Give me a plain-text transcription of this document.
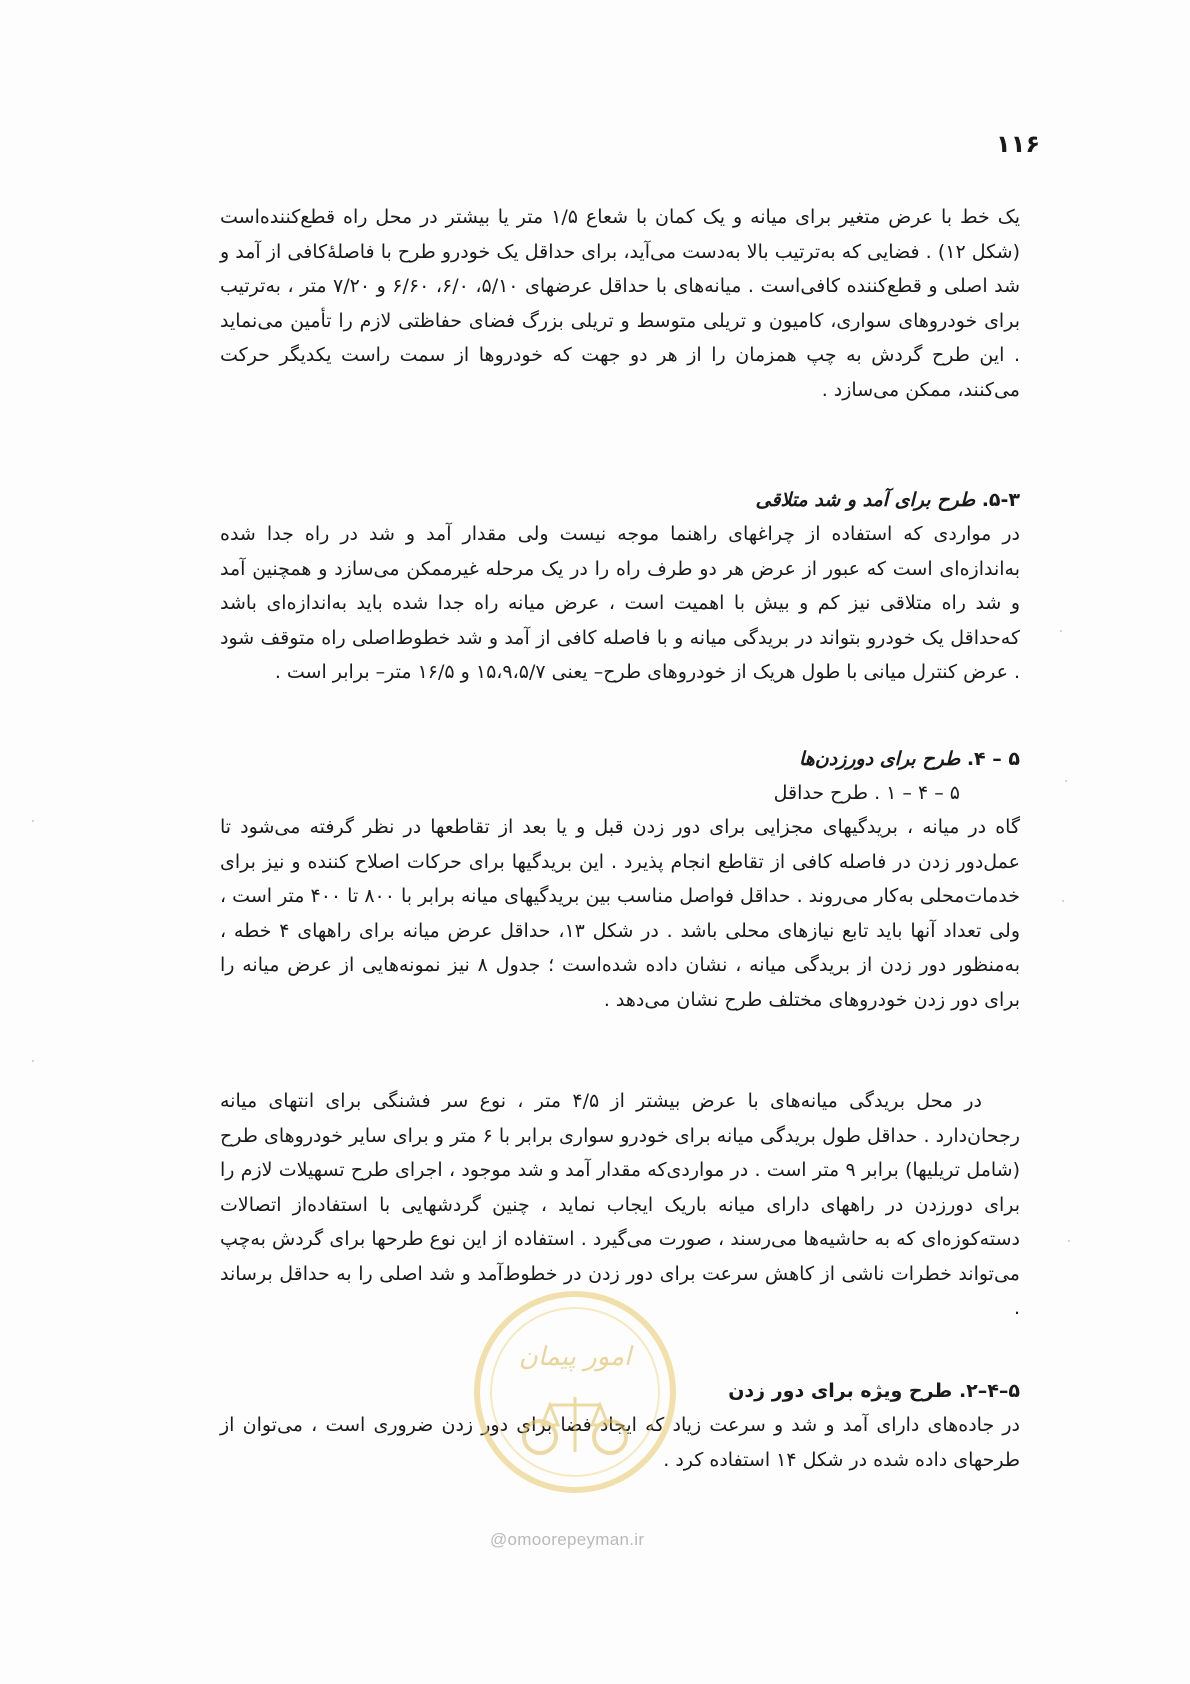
۱۱۶

یک خط با عرض متغیر برای میانه و یک کمان با شعاع ۱/۵ متر یا بیشتر در محل راه قطع‌کننده‌است (شکل ۱۲) . فضایی که به‌ترتیب بالا به‌دست می‌آید، برای حداقل یک خودرو طرح با فاصله‌ٔکافی از آمد و شد اصلی و قطع‌کننده کافی‌است . میانه‌های با حداقل عرضهای ۵/۱۰، ۶/۰، ۶/۶۰ و ۷/۲۰ متر ، به‌ترتیب برای خودروهای سواری، کامیون و تریلی متوسط و تریلی بزرگ فضای حفاظتی لازم را تأمین می‌نماید . این طرح گردش به چپ همزمان را از هر دو جهت که خودروها از سمت راست یکدیگر حرکت می‌کنند، ممکن می‌سازد .

۵-۳. طرح برای آمد و شد متلاقی

در مواردی که استفاده از چراغهای راهنما موجه نیست ولی مقدار آمد و شد در راه جدا شده به‌اندازه‌ای است که عبور از عرض هر دو طرف راه را در یک مرحله غیرممکن می‌سازد و همچنین آمد و شد راه متلاقی نیز کم و بیش با اهمیت است ، عرض میانه راه جدا شده باید به‌اندازه‌ای باشد که‌حداقل یک خودرو بتواند در بریدگی میانه و با فاصله کافی از آمد و شد خطوط‌اصلی راه متوقف شود . عرض کنترل میانی با طول هریک از خودروهای طرح– یعنی ۱۵،۹،۵/۷ و ۱۶/۵ متر– برابر است .

۵ – ۴. طرح برای دورزدن‌ها

۵ – ۴ – ۱ . طرح حداقل

گاه در میانه ، بریدگیهای مجزایی برای دور زدن قبل و یا بعد از تقاطعها در نظر گرفته می‌شود تا عمل‌دور زدن در فاصله کافی از تقاطع انجام پذیرد . این بریدگیها برای حرکات اصلاح کننده و نیز برای خدمات‌محلی به‌کار می‌روند . حداقل فواصل مناسب بین بریدگیهای میانه برابر با ۸۰۰ تا ۴۰۰ متر است ، ولی تعداد آنها باید تابع نیازهای محلی باشد . در شکل ۱۳، حداقل عرض میانه برای راههای ۴ خطه ، به‌منظور دور زدن از بریدگی میانه ، نشان داده شده‌است ؛ جدول ۸ نیز نمونه‌هایی از عرض میانه را برای دور زدن خودروهای مختلف طرح نشان می‌دهد .

در محل بریدگی میانه‌های با عرض بیشتر از ۴/۵ متر ، نوع سر فشنگی برای انتهای میانه رجحان‌دارد . حداقل طول بریدگی میانه برای خودرو سواری برابر با ۶ متر و برای سایر خودروهای طرح (شامل تریلیها) برابر ۹ متر است . در مواردی‌که مقدار آمد و شد موجود ، اجرای طرح تسهیلات لازم را برای دورزدن در راههای دارای میانه باریک ایجاب نماید ، چنین گردشهایی با استفاده‌از اتصالات دسته‌کوزه‌ای که به حاشیه‌ها می‌رسند ، صورت می‌گیرد . استفاده از این نوع طرحها برای گردش به‌چپ می‌تواند خطرات ناشی از کاهش سرعت برای دور زدن در خطوط‌آمد و شد اصلی را به حداقل برساند .

۵–۴–۲. طرح ویژه برای دور زدن

در جاده‌های دارای آمد و شد و سرعت زیاد که ایجاد فضا برای دور زدن ضروری است ، می‌توان از طرحهای داده شده در شکل ۱۴ استفاده کرد .

امور پیمان
@omoorepeyman.ir
